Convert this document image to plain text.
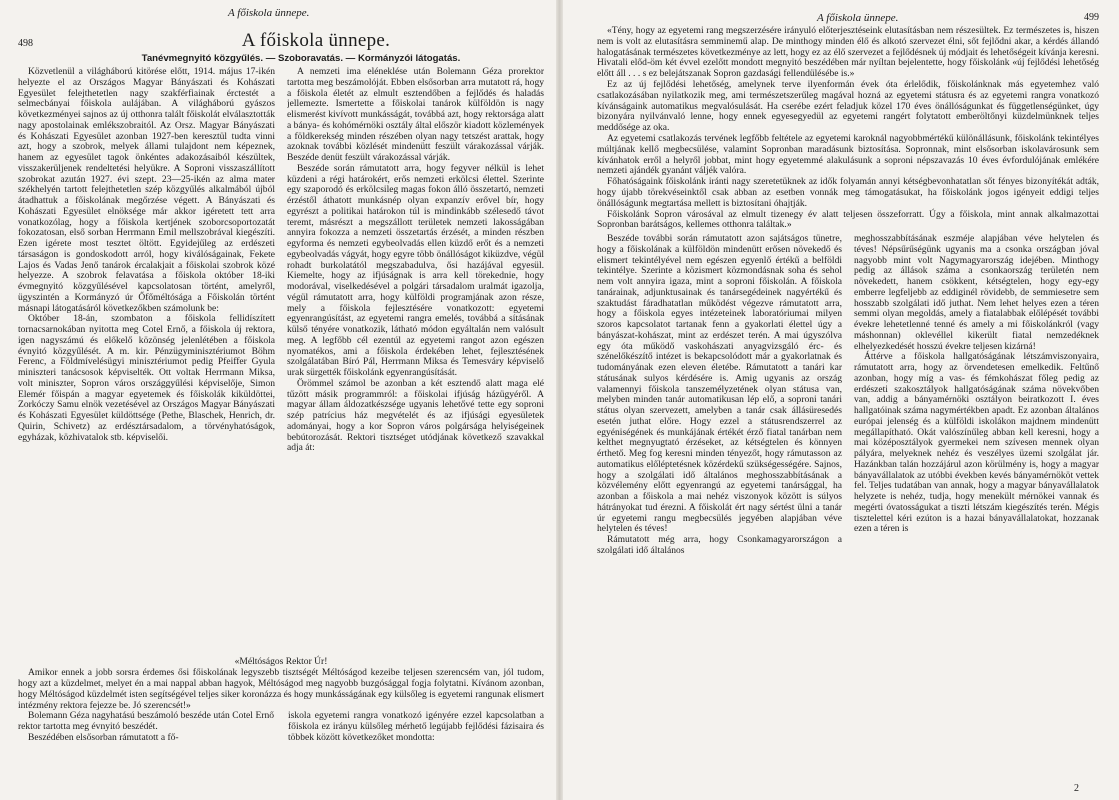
A főiskola ünnepe.
498	A főiskola ünnepe.
Tanévmegnyitó közgyűlés. — Szoboravatás. — Kormányzói látogatás.

Közvetlenül a világháború kitörése előtt, 1914. május 17-ikén helyezte el az Országos Magyar Bányászati és Kohászati Egyesület felejthetetlen nagy szakférfiainak érctestét a selmecbányai főiskola aulájában. A világháború gyászos következményei sajnos az új otthonra talált főiskolát elválasztották nagy apostolainak emlékszobraitól. Az Orsz. Magyar Bányászati és Kohászati Egyesület azonban 1927-ben keresztül tudta vinni azt, hogy a szobrok, melyek állami tulajdont nem képeznek, hanem az egyesület tagok önkéntes adakozásaiból készültek, visszakerüljenek rendeltetési helyükre. A Soproni visszaszállított szobrokat azután 1927. évi szept. 23—25-ikén az alma mater székhelyén tartott felejthetetlen szép közgyűlés alkalmából újból átadhattuk a főiskolának megőrzése végett. A Bányászati és Kohászati Egyesület elnöksége már akkor igéretett tett arra vonatkozólag, hogy a főiskola kertjének szoborcsoportozatát fokozatosan, első sorban Herrmann Emil mellszobrával kiegészíti. Ezen igérete most tesztet öltött. Egyidejűleg az erdészeti társaságon is gondoskodott arról, hogy kiválóságainak, Fekete Lajos és Vadas Jenő tanárok ércalakjait a főiskolai szobrok közé helyezze. A szobrok felavatása a főiskola október 18-iki évmegnyitó közgyűlésével kapcsolatosan történt, amelyről, ügyszintén a Kormányzó úr Őfőméltósága a Főiskolán történt másnapi látogatásáról következőkben számolunk be:

Október 18-án, szombaton a főiskola fellidíszített tornacsarnokában nyitotta meg Cotel Ernő, a főiskola új rektora, igen nagyszámú és előkelő közönség jelenlétében a főiskola évnyitó közgyűlését. A m. kir. Pénzügyminisztériumot Böhm Ferenc, a Földmívelésügyi minisztériumot pedig Pfeiffer Gyula miniszteri tanácsosok képviselték. Ott voltak Herrmann Miksa, volt miniszter, Sopron város országgyűlési képviselője, Simon Elemér főispán a magyar egyetemek és főiskolák kiküldöttei, Zorkóczy Samu elnök vezetésével az Országos Magyar Bányászati és Kohászati Egyesület küldöttsége (Pethe, Blaschek, Henrich, dr. Quirin, Schivetz) az erdésztársadalom, a törvényhatóságok, egyházak, közhivatalok stb. képviselői.

A nemzeti ima eléneklése után Bolemann Géza prorektor tartotta meg beszámolóját. Ebben elsősorban arra mutatott rá, hogy a főiskola életét az elmult esztendőben a fejlődés és haladás jellemezte. Ismertette a főiskolai tanárok külföldön is nagy elismerést kivívott munkásságát, továbbá azt, hogy rektorsága alatt a bánya- és kohómérnöki osztály által először kiadott közlemények a földkerekség minden részében olyan nagy tetszést arattak, hogy azoknak további közlését mindenütt feszült várakozással várják. Beszéde denüt feszült várakozással várják.

Beszéde során rámutatott arra, hogy fegyver nélkül is lehet küzdeni a régi határokért, erős nemzeti erkölcsi élettel. Szerinte egy szaporodó és erkölcsileg magas fokon álló összetartó, nemzeti érzéstől áthatott munkásnép olyan expanzív erővel bír, hogy egyrészt a politikai határokon túl is mindinkább szélesedő távot teremt, másrészt a megszállott területek nemzeti lakosságában annyira fokozza a nemzeti összetartás érzését, a minden részben egyforma és nemzeti egybeolvadás ellen küzdő erőt és a nemzeti egybeolvadás vágyát, hogy egyre több önállóságot kiküzdve, végül rohadt burkolatától megszabadulva, ősi hazájával egyesül. Kiemelte, hogy az ifjúságnak is arra kell törekednie, hogy modorával, viselkedésével a polgári társadalom uralmát igazolja, végül rámutatott arra, hogy külföldi programjának azon része, mely a főiskola fejlesztésére vonatkozott: egyetemi egyenrangúsítást, az egyetemi rangra emelés, továbbá a sításának külső tényére vonatkozik, látható módon egyáltalán nem valósult meg. A legfőbb cél ezentúl az egyetemi rangot azon egészen nyomatékos, ami a főiskola érdekében lehet, fejlesztésének szolgálatában Bíró Pál, Herrmann Miksa és Temesváry képviselő urak sürgették főiskolánk egyenrangúsítását.

Örömmel számol be azonban a két esztendő alatt maga elé tűzött másik programmról: a főiskolai ifjúság házügyéről. A magyar állam áldozatkészsége ugyanis lehetővé tette egy soproni szép patrícius ház megvételét és az ifjúsági egyesületek adományai, hogy a kor Sopron város polgársága helyiségeinek bebútorozását. Rektori tisztséget utódjának következő szavakkal adja át:

«Méltóságos Rektor Úr!

Amikor ennek a jobb sorsra érdemes ősi főiskolának legyszebb tisztségét Méltóságod kezeibe teljesen szerencsém van, jól tudom, hogy azt a küzdelmet, melyet én a mai nappal abban hagyok, Méltóságod meg nagyobb buzgósággal fogja folytatni. Kívánom azonban, hogy Méltóságod küzdelmét isten segítségével teljes siker koronázza és hogy munkásságának egy külsőleg is egyetemi rangunak elismert intézmény rektora fejezze be. Jó szerencsét!»

Bolemann Géza nagyhatású beszámoló beszéde után Cotel Ernő rektor tartotta meg évnyitó beszédét.

Beszédében elsősorban rámutatott a fő-

iskola egyetemi rangra vonatkozó igényére ezzel kapcsolatban a főiskola ez irányu külsőleg mérhető legújabb fejlődési fázisaira és többek között következőket mondotta:

A főiskola ünnepe.	499

«Tény, hogy az egyetemi rang megszerzésére irányuló előterjesztéseink elutasításban nem részesültek. Ez természetes is, hiszen nem is volt az elutasításra semminemű alap. De minthogy minden élő és alkotó szervezet élni, sőt fejlődni akar, a kérdés állandó halogatásának természetes következménye az lett, hogy ez az élő szervezet a fejlődésnek új módjait és lehetőségeit kívánja keresni. Hivatali előd-öm két évvel ezelőtt mondott megnyitó beszédében már nyíltan bejelentette, hogy főiskolánk «új fejlődési lehetőség előtt áll . . . s ez belejátszanak Sopron gazdasági fellendülésébe is.»

Ez az új fejlődési lehetőség, amelynek terve ilyenformán évek óta érlelődik, főiskolánknak más egyetemhez való csatlakozásában nyilatkozik meg, ami természetszerűleg magával hozná az egyetemi státusra és az egyetemi rangra vonatkozó kívánságaink automatikus megvalósulását. Ha cserébe ezért feladjuk közel 170 éves önállóságunkat és függetlenségünket, úgy bizonyára nyilvánvaló lenne, hogy ennek egyesegyedül az egyetemi rangért folytatott emberöltőnyi küzdelmünknek teljes meddősége az oka.

Az egyetemi csatlakozás tervének legfőbb feltétele az egyetemi karoknál nagyobbmértékű különállásunk, főiskolánk tekintélyes múltjának kellő megbecsülése, valamint Sopronban maradásunk biztosítása. Sopronnak, mint elsősorban iskolavárosunk sem kívánhatok erről a helyről jobbat, mint hogy egyetemmé alakulásunk a soproni népszavazás 10 éves évfordulójának emlékére nemzeti ajándék gyanánt váljék valóra.

Főhatóságaink főiskolánk iránti nagy szeretetüknek az idők folyamán annyi kétségbevonhatatlan sőt fényes bizonyítékát adták, hogy újabb törekvéseinktől csak abban az esetben vonnák meg támogatásukat, ha főiskolánk jogos igényeit eddigi teljes önállóságunk megtartása mellett is biztosítani óhajtják.

Főiskolánk Sopron városával az elmult tizenegy év alatt teljesen összeforratt. Úgy a főiskola, mint annak alkalmazottai Sopronban barátságos, kellemes otthonra találtak.»

Beszéde további során rámutatott azon sajátságos tünetre, hogy a főiskolának a külföldön mindenütt erősen növekedő és elismert tekintélyével nem egészen egyenlő értékű a belföldi tekintélye. Szerinte a közismert közmondásnak soha és sehol nem volt annyira igaza, mint a soproni főiskolán. A főiskola tanárainak, adjunktusainak és tanársegédeinek nagyértékű és szaktudást fáradhatatlan működést végezve rámutatott arra, hogy a főiskola egyes intézeteinek laboratóriumai milyen szoros kapcsolatot tartanak fenn a gyakorlati élettel úgy a bányászat-kohászat, mint az erdészet terén. A mai úgyszólva egy óta működő vaskohászati anyagvizsgáló érc- és szénelőkészítő intézet is bekapcsolódott már a gyakorlatnak és tudományának ezen eleven életébe. Rámutatott a tanári kar státusának sulyos kérdésére is. Amig ugyanis az ország valamennyi főiskola tanszemélyzetének olyan státusa van, melyben minden tanár automatikusan lép elő, a soproni tanári státus olyan szervezett, amelyben a tanár csak állásüresedés esetén juthat előre. Hogy ezzel a státusrendszerrel az egyéniségének és munkájának értékét érző fiatal tanárban nem kelthet megnyugtató érzéseket, az kétségtelen és könnyen érthető. Meg fog keresni minden tényezőt, hogy rámutasson az automatikus előléptetésnek közérdekű szükségességére. Sajnos, hogy a szolgálati idő általános meghosszabbításának a közvélemény előtt egyenrangú az egyetemi tanársággal, ha azonban a főiskola a mai nehéz viszonyok között is súlyos hátrányokat tud érezni. A főiskolát ért nagy sértést ülni a tanár úr egyetemi rangu megbecsülés jegyében alapjában véve helytelen és téves!

Rámutatott még arra, hogy Csonkamagyarországon a szolgálati idő általános

meghosszabbításának eszméje alapjában véve helytelen és téves! Népsűrűségünk ugyanis ma a csonka országban jóval nagyobb mint volt Nagymagyarország idejében. Minthogy pedig az állások száma a csonkaország területén nem növekedett, hanem csökkent, kétségtelen, hogy egy-egy emberre legfeljebb az eddiginél rövidebb, de semmiesetre sem hosszabb szolgálati idő juthat. Nem lehet helyes ezen a téren semmi olyan megoldás, amely a fiatalabbak előlépését további évekre lehetetlenné tenné és amely a mi főiskolánkról (vagy máshonnan) oklevéllel kikerült fiatal nemzedéknek elhelyezkedését hosszú évekre teljesen kizárná!

Áttérve a főiskola hallgatóságának létszámviszonyaira, rámutatott arra, hogy az örvendetesen emelkedik. Feltűnő azonban, hogy míg a vas- és fémkohászat főleg pedig az erdészeti szakosztályok hallgatóságának száma növekvőben van, addig a bányamérnöki osztályon beiratkozott I. éves hallgatóinak száma nagymértékben apadt. Ez azonban általános európai jelenség és a külföldi iskolákon majdnem mindenütt megállapítható. Okát valószínűleg abban kell keresni, hogy a mai középosztályok gyermekei nem szívesen mennek olyan pályára, melyeknek nehéz és veszélyes üzemi szolgálat jár. Hazánkban talán hozzájárul azon körülmény is, hogy a magyar bányavállalatok az utóbbi években kevés bányamérnököt vettek fel. Teljes tudatában van annak, hogy a magyar bányavállalatok helyzete is nehéz, tudja, hogy menekült mérnökei vannak és megérti óvatosságukat a tiszti létszám kiegészítés terén. Mégis tisztelettel kéri ezúton is a hazai bányavállalatokat, hozzanak ezen a téren is

2
